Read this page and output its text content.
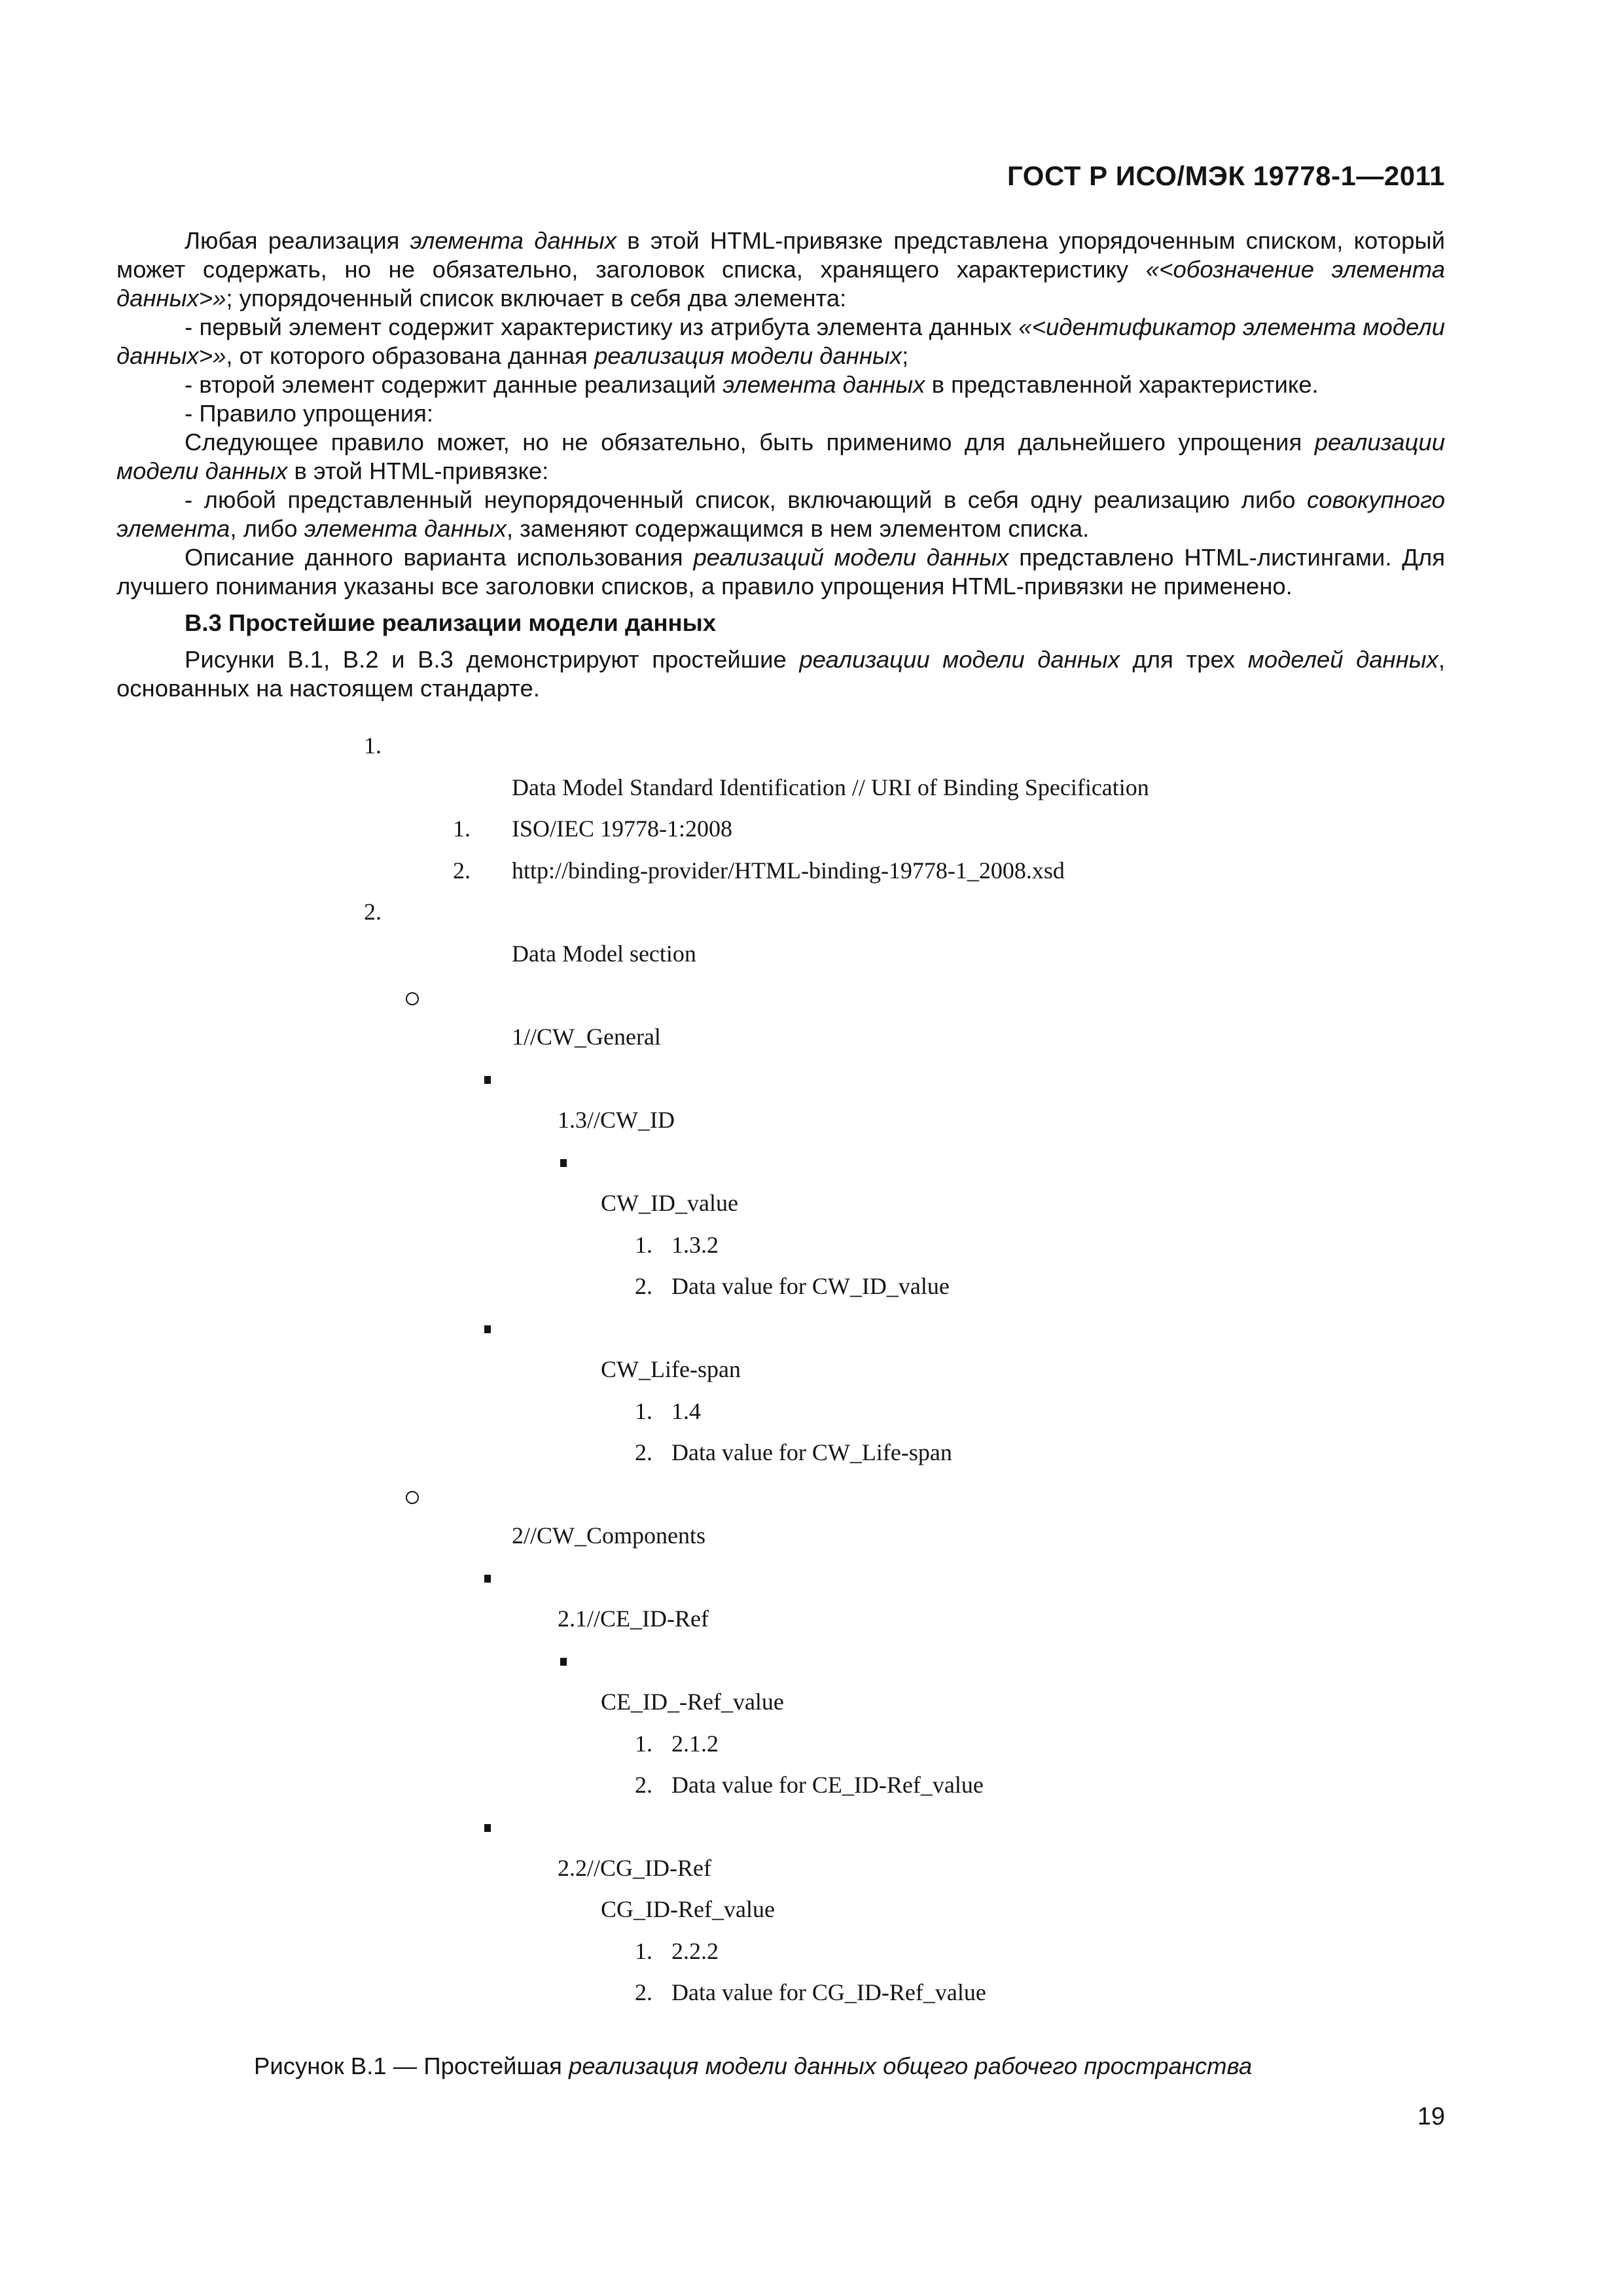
ГОСТ Р ИСО/МЭК 19778-1—2011

Любая реализация элемента данных в этой HTML-привязке представлена упорядоченным списком, который может содержать, но не обязательно, заголовок списка, хранящего характеристику «<обозначение элемента данных>»; упорядоченный список включает в себя два элемента:

- первый элемент содержит характеристику из атрибута элемента данных «<идентификатор элемента модели данных>», от которого образована данная реализация модели данных;

- второй элемент содержит данные реализаций элемента данных в представленной характеристике.

- Правило упрощения:

Следующее правило может, но не обязательно, быть применимо для дальнейшего упрощения реализации модели данных в этой HTML-привязке:

- любой представленный неупорядоченный список, включающий в себя одну реализацию либо совокупного элемента, либо элемента данных, заменяют содержащимся в нем элементом списка.

Описание данного варианта использования реализаций модели данных представлено HTML-листингами. Для лучшего понимания указаны все заголовки списков, а правило упрощения HTML-привязки не применено.

В.3 Простейшие реализации модели данных

Рисунки В.1, В.2 и В.3 демонстрируют простейшие реализации модели данных для трех моделей данных, основанных на настоящем стандарте.

1.
Data Model Standard Identification // URI of Binding Specification
1. ISO/IEC 19778-1:2008
2. http://binding-provider/HTML-binding-19778-1_2008.xsd
2.
Data Model section
1//CW_General
1.3//CW_ID
CW_ID_value
1. 1.3.2
2. Data value for CW_ID_value
CW_Life-span
1. 1.4
2. Data value for CW_Life-span
2//CW_Components
2.1//CE_ID-Ref
CE_ID_-Ref_value
1. 2.1.2
2. Data value for CE_ID-Ref_value
2.2//CG_ID-Ref
CG_ID-Ref_value
1. 2.2.2
2. Data value for CG_ID-Ref_value
Рисунок В.1 — Простейшая реализация модели данных общего рабочего пространства
19
